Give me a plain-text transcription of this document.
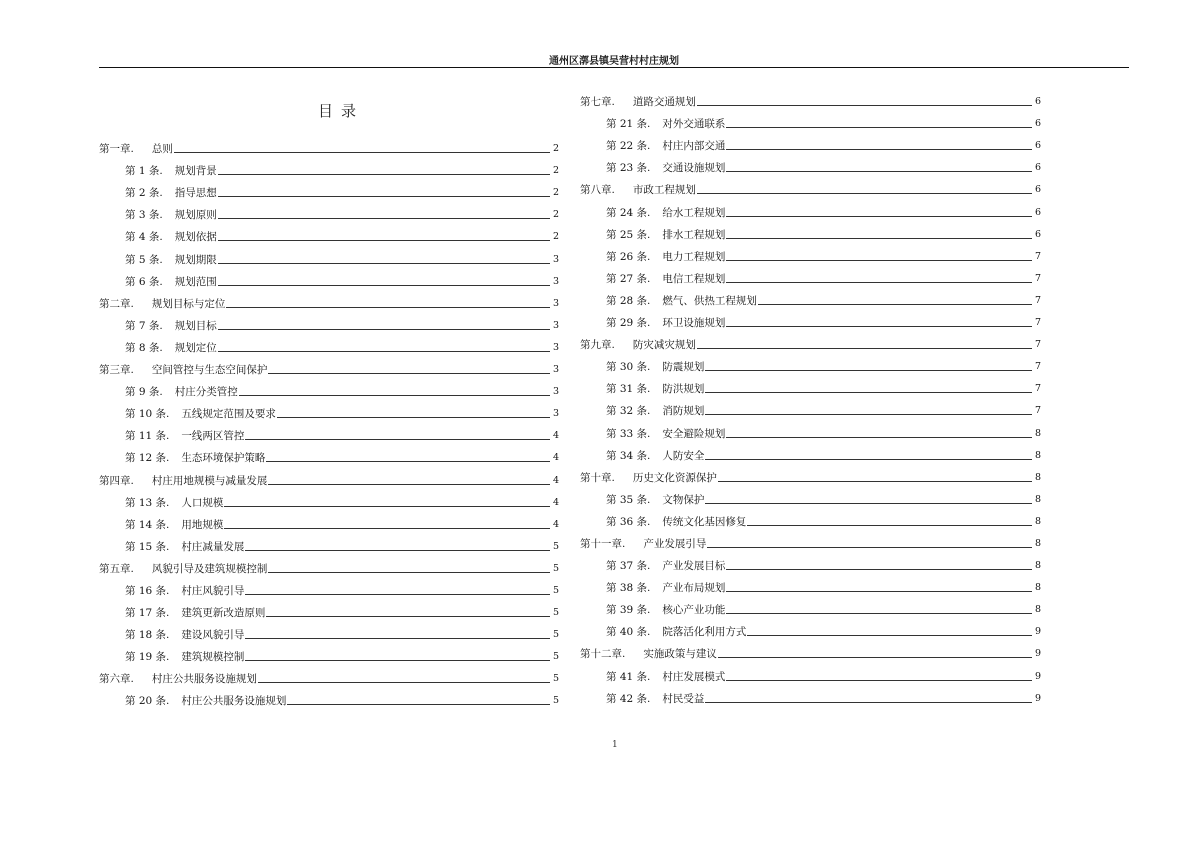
通州区漷县镇吴营村村庄规划
目录
第一章. 总则	2
第 1 条. 规划背景	2
第 2 条. 指导思想	2
第 3 条. 规划原则	2
第 4 条. 规划依据	2
第 5 条. 规划期限	3
第 6 条. 规划范围	3
第二章. 规划目标与定位	3
第 7 条. 规划目标	3
第 8 条. 规划定位	3
第三章. 空间管控与生态空间保护	3
第 9 条. 村庄分类管控	3
第 10 条. 五线规定范围及要求	3
第 11 条. 一线两区管控	4
第 12 条. 生态环境保护策略	4
第四章. 村庄用地规模与减量发展	4
第 13 条. 人口规模	4
第 14 条. 用地规模	4
第 15 条. 村庄减量发展	5
第五章. 风貌引导及建筑规模控制	5
第 16 条. 村庄风貌引导	5
第 17 条. 建筑更新改造原则	5
第 18 条. 建设风貌引导	5
第 19 条. 建筑规模控制	5
第六章. 村庄公共服务设施规划	5
第 20 条. 村庄公共服务设施规划	5
第七章. 道路交通规划	6
第 21 条. 对外交通联系	6
第 22 条. 村庄内部交通	6
第 23 条. 交通设施规划	6
第八章. 市政工程规划	6
第 24 条. 给水工程规划	6
第 25 条. 排水工程规划	6
第 26 条. 电力工程规划	7
第 27 条. 电信工程规划	7
第 28 条. 燃气、供热工程规划	7
第 29 条. 环卫设施规划	7
第九章. 防灾减灾规划	7
第 30 条. 防震规划	7
第 31 条. 防洪规划	7
第 32 条. 消防规划	7
第 33 条. 安全避险规划	8
第 34 条. 人防安全	8
第十章. 历史文化资源保护	8
第 35 条. 文物保护	8
第 36 条. 传统文化基因修复	8
第十一章. 产业发展引导	8
第 37 条. 产业发展目标	8
第 38 条. 产业布局规划	8
第 39 条. 核心产业功能	8
第 40 条. 院落活化利用方式	9
第十二章. 实施政策与建议	9
第 41 条. 村庄发展模式	9
第 42 条. 村民受益	9
1
